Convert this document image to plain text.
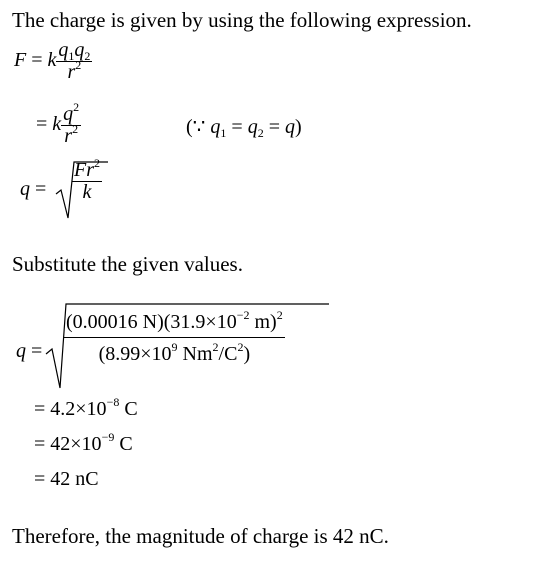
The charge is given by using the following expression.
F = k $\frac{q_1q_2}{r^2}$
= k $\frac{q^2}{r^2}$	(∵ $q_1 = q_2 = q$)
$q = \frac{Fr^2}{k}$
Substitute the given values.
$q = \frac{(0.00016 N)(31.9\times 10^{-2} m)^2}{(8.99\times 10^9 Nm^2/C^2)}$
= $4.2\times 10^{-8}$ C
= $42\times 10^{-9}$ C
= 42 nC
Therefore, the magnitude of charge is 42 nC.
